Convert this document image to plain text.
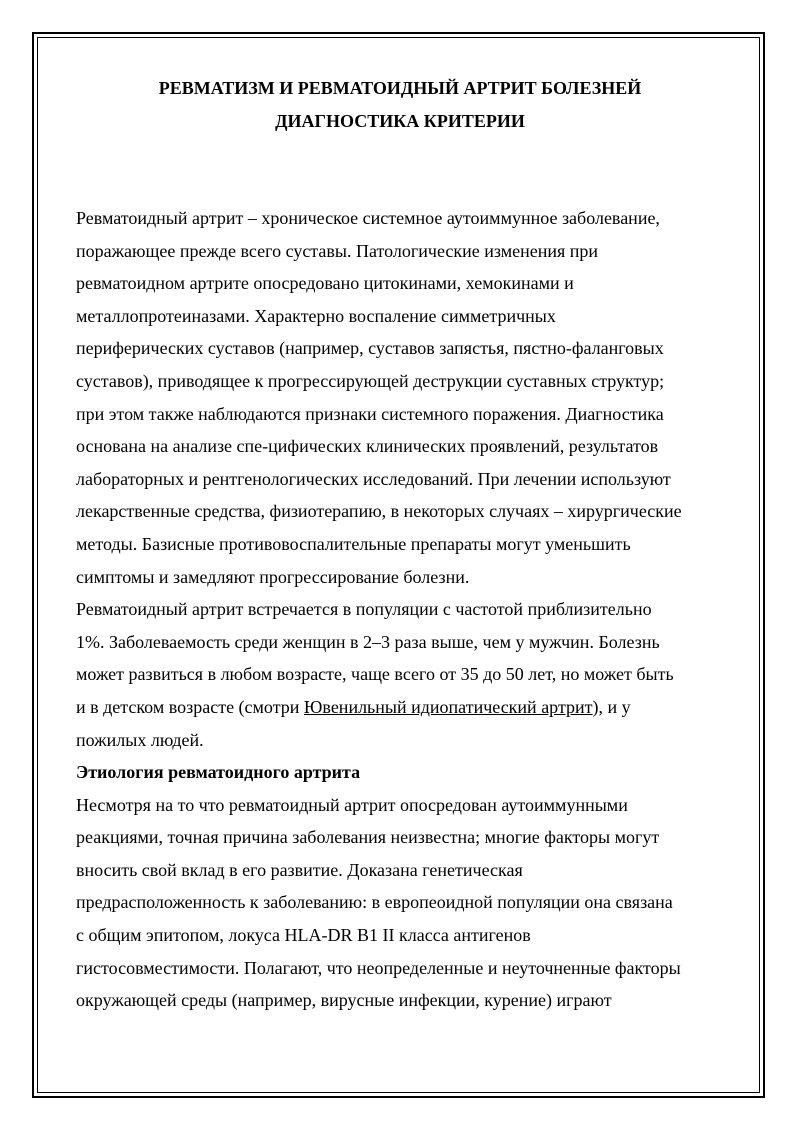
РЕВМАТИЗМ И РЕВМАТОИДНЫЙ АРТРИТ БОЛЕЗНЕЙ
ДИАГНОСТИКА КРИТЕРИИ
Ревматоидный артрит – хроническое системное аутоиммунное заболевание,
поражающее прежде всего суставы. Патологические изменения при
ревматоидном артрите опосредовано цитокинами, хемокинами и
металлопротеиназами. Характерно воспаление симметричных
периферических суставов (например, суставов запястья, пястно-фаланговых
суставов), приводящее к прогрессирующей деструкции суставных структур;
при этом также наблюдаются признаки системного поражения. Диагностика
основана на анализе спе-цифических клинических проявлений, результатов
лабораторных и рентгенологических исследований. При лечении используют
лекарственные средства, физиотерапию, в некоторых случаях – хирургические
методы. Базисные противовоспалительные препараты могут уменьшить
симптомы и замедляют прогрессирование болезни.
Ревматоидный артрит встречается в популяции с частотой приблизительно
1%. Заболеваемость среди женщин в 2–3 раза выше, чем у мужчин. Болезнь
может развиться в любом возрасте, чаще всего от 35 до 50 лет, но может быть
и в детском возрасте (смотри Ювенильный идиопатический артрит), и у
пожилых людей.
Этиология ревматоидного артрита
Несмотря на то что ревматоидный артрит опосредован аутоиммунными
реакциями, точная причина заболевания неизвестна; многие факторы могут
вносить свой вклад в его развитие. Доказана генетическая
предрасположенность к заболеванию: в европеоидной популяции она связана
с общим эпитопом, локуса HLA-DR B1 II класса антигенов
гистосовместимости. Полагают, что неопределенные и неуточненные факторы
окружающей среды (например, вирусные инфекции, курение) играют
